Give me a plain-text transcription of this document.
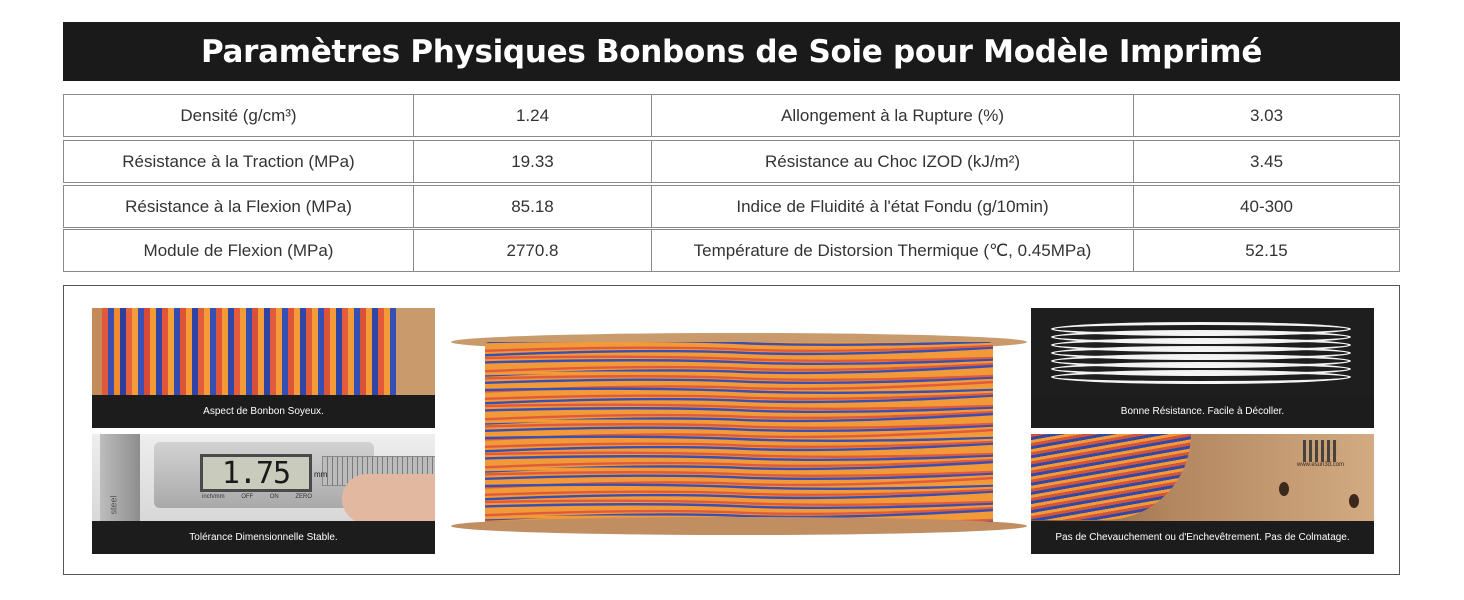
Paramètres Physiques Bonbons de Soie pour Modèle Imprimé
Densité (g/cm³)	1.24	Allongement à la Rupture (%)	3.03
Résistance à la Traction (MPa)	19.33	Résistance au Choc IZOD (kJ/m²)	3.45
Résistance à la Flexion (MPa)	85.18	Indice de Fluidité à l'état Fondu (g/10min)	40-300
Module de Flexion (MPa)	2770.8	Température de Distorsion Thermique (℃, 0.45MPa)	52.15
Aspect de Bonbon Soyeux.
steel
1.75	mm
inch/mm	OFF	ON	ZERO
Tolérance Dimensionnelle Stable.
Bonne Résistance. Facile à Décoller.
www.esun3d.com
Pas de Chevauchement ou d'Enchevêtrement. Pas de Colmatage.
